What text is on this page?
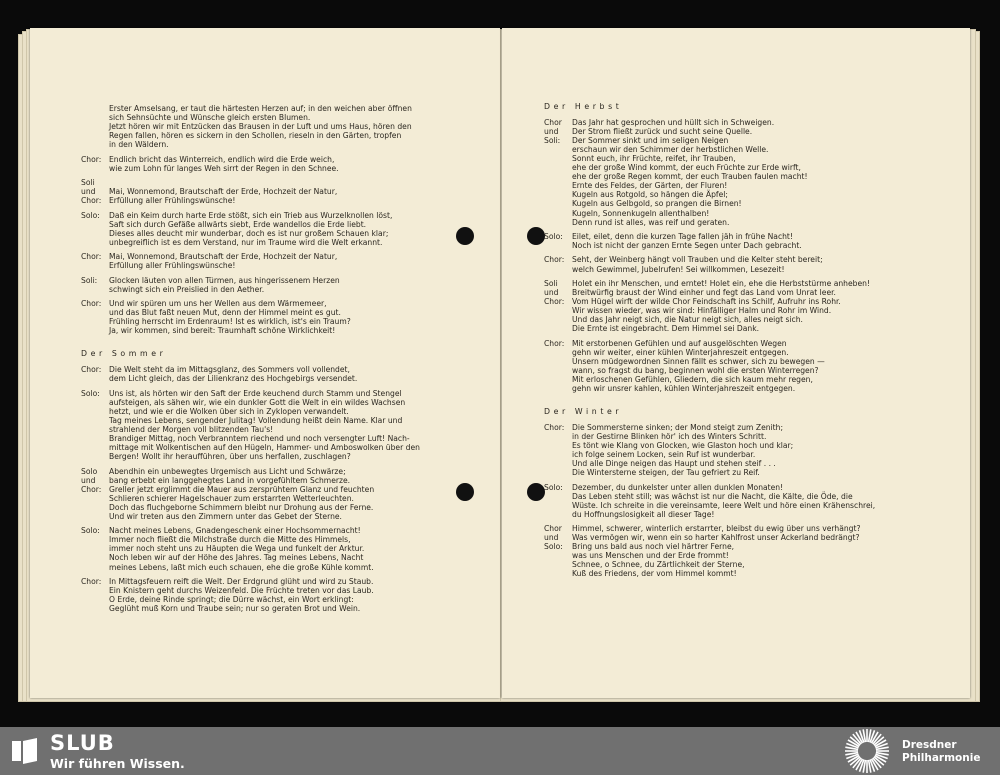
Erster Amselsang, er taut die härtesten Herzen auf; in den weichen aber öffnen
sich Sehnsüchte und Wünsche gleich ersten Blumen.
Jetzt hören wir mit Entzücken das Brausen in der Luft und ums Haus, hören den
Regen fallen, hören es sickern in den Schollen, rieseln in den Gärten, tropfen
in den Wäldern.
Chor:	Endlich bricht das Winterreich, endlich wird die Erde weich,
wie zum Lohn für langes Weh sirrt der Regen in den Schnee.
Soli
und
Chor:
Mai, Wonnemond, Brautschaft der Erde, Hochzeit der Natur,
Erfüllung aller Frühlingswünsche!
Solo:	Daß ein Keim durch harte Erde stößt, sich ein Trieb aus Wurzelknollen löst,
Saft sich durch Gefäße allwärts siebt, Erde wandellos die Erde liebt.
Dieses alles deucht mir wunderbar, doch es ist nur großem Schauen klar;
unbegreiflich ist es dem Verstand, nur im Traume wird die Welt erkannt.
Chor:	Mai, Wonnemond, Brautschaft der Erde, Hochzeit der Natur,
Erfüllung aller Frühlingswünsche!
Soli:	Glocken läuten von allen Türmen, aus hingerissenem Herzen
schwingt sich ein Preislied in den Aether.
Chor:	Und wir spüren um uns her Wellen aus dem Wärmemeer,
und das Blut faßt neuen Mut, denn der Himmel meint es gut.
Frühling herrscht im Erdenraum! Ist es wirklich, ist's ein Traum?
Ja, wir kommen, sind bereit: Traumhaft schöne Wirklichkeit!
Der Sommer
Chor:	Die Welt steht da im Mittagsglanz, des Sommers voll vollendet,
dem Licht gleich, das der Lilienkranz des Hochgebirgs versendet.
Solo:	Uns ist, als hörten wir den Saft der Erde keuchend durch Stamm und Stengel
aufsteigen, als sähen wir, wie ein dunkler Gott die Welt in ein wildes Wachsen
hetzt, und wie er die Wolken über sich in Zyklopen verwandelt.
Tag meines Lebens, sengender Julitag! Vollendung heißt dein Name. Klar und
strahlend der Morgen voll blitzenden Tau's!
Brandiger Mittag, noch Verbranntem riechend und noch versengter Luft! Nach-
mittage mit Wolkentischen auf den Hügeln, Hammer- und Amboswolken über den
Bergen! Wollt ihr heraufführen, über uns herfallen, zuschlagen?
Solo
und
Chor:
Abendhin ein unbewegtes Urgemisch aus Licht und Schwärze;
bang erbebt ein langgehegtes Land in vorgefühltem Schmerze.
Greller jetzt erglimmt die Mauer aus zersprühtem Glanz und feuchten
Schlieren schierer Hagelschauer zum erstarrten Wetterleuchten.
Doch das fluchgeborne Schimmern bleibt nur Drohung aus der Ferne.
Und wir treten aus den Zimmern unter das Gebet der Sterne.
Solo:	Nacht meines Lebens, Gnadengeschenk einer Hochsommernacht!
Immer noch fließt die Milchstraße durch die Mitte des Himmels,
immer noch steht uns zu Häupten die Wega und funkelt der Arktur.
Noch leben wir auf der Höhe des Jahres. Tag meines Lebens, Nacht
meines Lebens, laßt mich euch schauen, ehe die große Kühle kommt.
Chor:	In Mittagsfeuern reift die Welt. Der Erdgrund glüht und wird zu Staub.
Ein Knistern geht durchs Weizenfeld. Die Früchte treten vor das Laub.
O Erde, deine Rinde springt; die Dürre wächst, ein Wort erklingt:
Geglüht muß Korn und Traube sein; nur so geraten Brot und Wein.
Der Herbst
Chor
und
Soli:
Das Jahr hat gesprochen und hüllt sich in Schweigen.
Der Strom fließt zurück und sucht seine Quelle.
Der Sommer sinkt und im seligen Neigen
erschaun wir den Schimmer der herbstlichen Welle.
Sonnt euch, ihr Früchte, reifet, ihr Trauben,
ehe der große Wind kommt, der euch Früchte zur Erde wirft,
ehe der große Regen kommt, der euch Trauben faulen macht!
Ernte des Feldes, der Gärten, der Fluren!
Kugeln aus Rotgold, so hängen die Äpfel;
Kugeln aus Gelbgold, so prangen die Birnen!
Kugeln, Sonnenkugeln allenthalben!
Denn rund ist alles, was reif und geraten.
Solo:	Eilet, eilet, denn die kurzen Tage fallen jäh in frühe Nacht!
Noch ist nicht der ganzen Ernte Segen unter Dach gebracht.
Chor:	Seht, der Weinberg hängt voll Trauben und die Kelter steht bereit;
welch Gewimmel, Jubelrufen! Sei willkommen, Lesezeit!
Soli
und
Chor:
Holet ein ihr Menschen, und erntet! Holet ein, ehe die Herbststürme anheben!
Breitwürfig braust der Wind einher und fegt das Land vom Unrat leer.
Vom Hügel wirft der wilde Chor Feindschaft ins Schilf, Aufruhr ins Rohr.
Wir wissen wieder, was wir sind: Hinfälliger Halm und Rohr im Wind.
Und das Jahr neigt sich, die Natur neigt sich, alles neigt sich.
Die Ernte ist eingebracht. Dem Himmel sei Dank.
Chor:	Mit erstorbenen Gefühlen und auf ausgelöschten Wegen
gehn wir weiter, einer kühlen Winterjahreszeit entgegen.
Unsern müdgewordnen Sinnen fällt es schwer, sich zu bewegen —
wann, so fragst du bang, beginnen wohl die ersten Winterregen?
Mit erloschenen Gefühlen, Gliedern, die sich kaum mehr regen,
gehn wir unsrer kahlen, kühlen Winterjahreszeit entgegen.
Der Winter
Chor:	Die Sommersterne sinken; der Mond steigt zum Zenith;
in der Gestirne Blinken hör' ich des Winters Schritt.
Es tönt wie Klang von Glocken, wie Glaston hoch und klar;
ich folge seinem Locken, sein Ruf ist wunderbar.
Und alle Dinge neigen das Haupt und stehen steif . . .
Die Wintersterne steigen, der Tau gefriert zu Reif.
Solo:	Dezember, du dunkelster unter allen dunklen Monaten!
Das Leben steht still; was wächst ist nur die Nacht, die Kälte, die Öde, die
Wüste. Ich schreite in die vereinsamte, leere Welt und höre einen Krähenschrei,
du Hoffnungslosigkeit all dieser Tage!
Chor
und
Solo:
Himmel, schwerer, winterlich erstarrter, bleibst du ewig über uns verhängt?
Was vermögen wir, wenn ein so harter Kahlfrost unser Ackerland bedrängt?
Bring uns bald aus noch viel härtrer Ferne,
was uns Menschen und der Erde frommt!
Schnee, o Schnee, du Zärtlichkeit der Sterne,
Kuß des Friedens, der vom Himmel kommt!
SLUB
Wir führen Wissen.
Dresdner
Philharmonie
